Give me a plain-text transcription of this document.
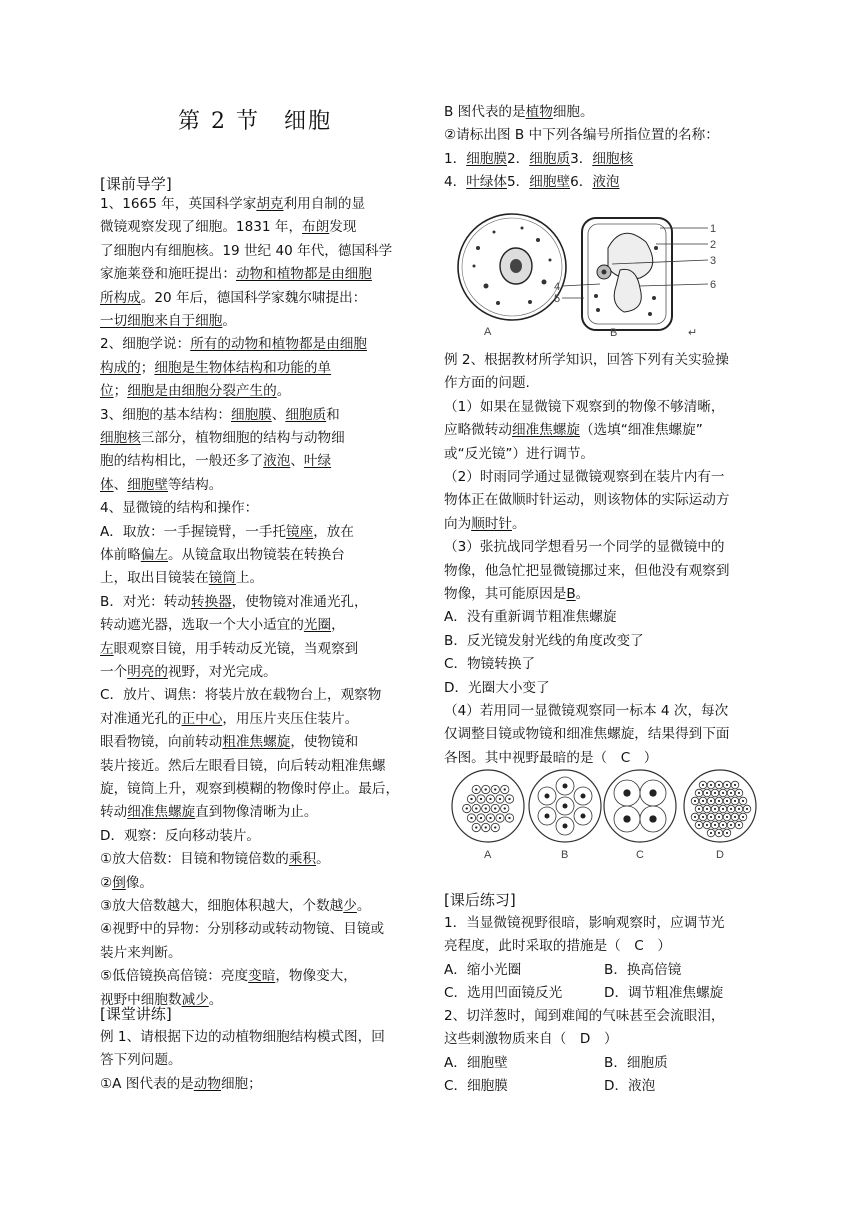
第 2 节　细胞
[课前导学]
1、1665 年，英国科学家胡克利用自制的显
微镜观察发现了细胞。1831 年，布朗发现
了细胞内有细胞核。19 世纪 40 年代，德国科学
家施莱登和施旺提出：动物和植物都是由细胞
所构成。20 年后，德国科学家魏尔啸提出：
一切细胞来自于细胞。
2、细胞学说：所有的动物和植物都是由细胞
构成的；细胞是生物体结构和功能的单
位；细胞是由细胞分裂产生的。
3、细胞的基本结构：细胞膜、细胞质和
细胞核三部分，植物细胞的结构与动物细
胞的结构相比，一般还多了液泡、叶绿
体、细胞壁等结构。
4、显微镜的结构和操作：
A．取放：一手握镜臂，一手托镜座，放在
体前略偏左。从镜盒取出物镜装在转换台
上，取出目镜装在镜筒上。
B．对光：转动转换器，使物镜对准通光孔，
转动遮光器，选取一个大小适宜的光圈，
左眼观察目镜，用手转动反光镜，当观察到
一个明亮的视野，对光完成。
C．放片、调焦：将装片放在载物台上，观察物
对准通光孔的正中心，用压片夹压住装片。
眼看物镜，向前转动粗准焦螺旋，使物镜和
装片接近。然后左眼看目镜，向后转动粗准焦螺
旋，镜筒上升，观察到模糊的物像时停止。最后，
转动细准焦螺旋直到物像清晰为止。
D．观察：反向移动装片。
①放大倍数：目镜和物镜倍数的乘积。
②倒像。
③放大倍数越大，细胞体积越大，个数越少。
④视野中的异物：分别移动或转动物镜、目镜或
装片来判断。
⑤低倍镜换高倍镜：亮度变暗，物像变大，
视野中细胞数减少。
[课堂讲练]
例 1、请根据下边的动植物细胞结构模式图，回
答下列问题。
①A 图代表的是动物细胞；
B 图代表的是植物细胞。
②请标出图 B 中下列各编号所指位置的名称：
1．细胞膜2．细胞质3．细胞核
4．叶绿体5．细胞壁6．液泡
A
1
2
3
4
5
6
B	↵
例 2、根据教材所学知识，回答下列有关实验操
作方面的问题.
（1）如果在显微镜下观察到的物像不够清晰，
应略微转动细准焦螺旋（选填“细准焦螺旋”
或“反光镜”）进行调节。
（2）时雨同学通过显微镜观察到在装片内有一
物体正在做顺时针运动，则该物体的实际运动方
向为顺时针。
（3）张抗战同学想看另一个同学的显微镜中的
物像，他急忙把显微镜挪过来，但他没有观察到
物像，其可能原因是B。
A．没有重新调节粗准焦螺旋
B．反光镜发射光线的角度改变了
C．物镜转换了
D．光圈大小变了
（4）若用同一显微镜观察同一标本 4 次，每次
仅调整目镜或物镜和细准焦螺旋，结果得到下面
各图。其中视野最暗的是（　C　）
A	B	C	D
[课后练习]
1．当显微镜视野很暗，影响观察时，应调节光
亮程度，此时采取的措施是（　C　）
A．缩小光圈	B．换高倍镜
C．选用凹面镜反光	D．调节粗准焦螺旋
2、切洋葱时，闻到难闻的气味甚至会流眼泪，
这些刺激物质来自（　D　）
A．细胞壁	B．细胞质
C．细胞膜	D．液泡
